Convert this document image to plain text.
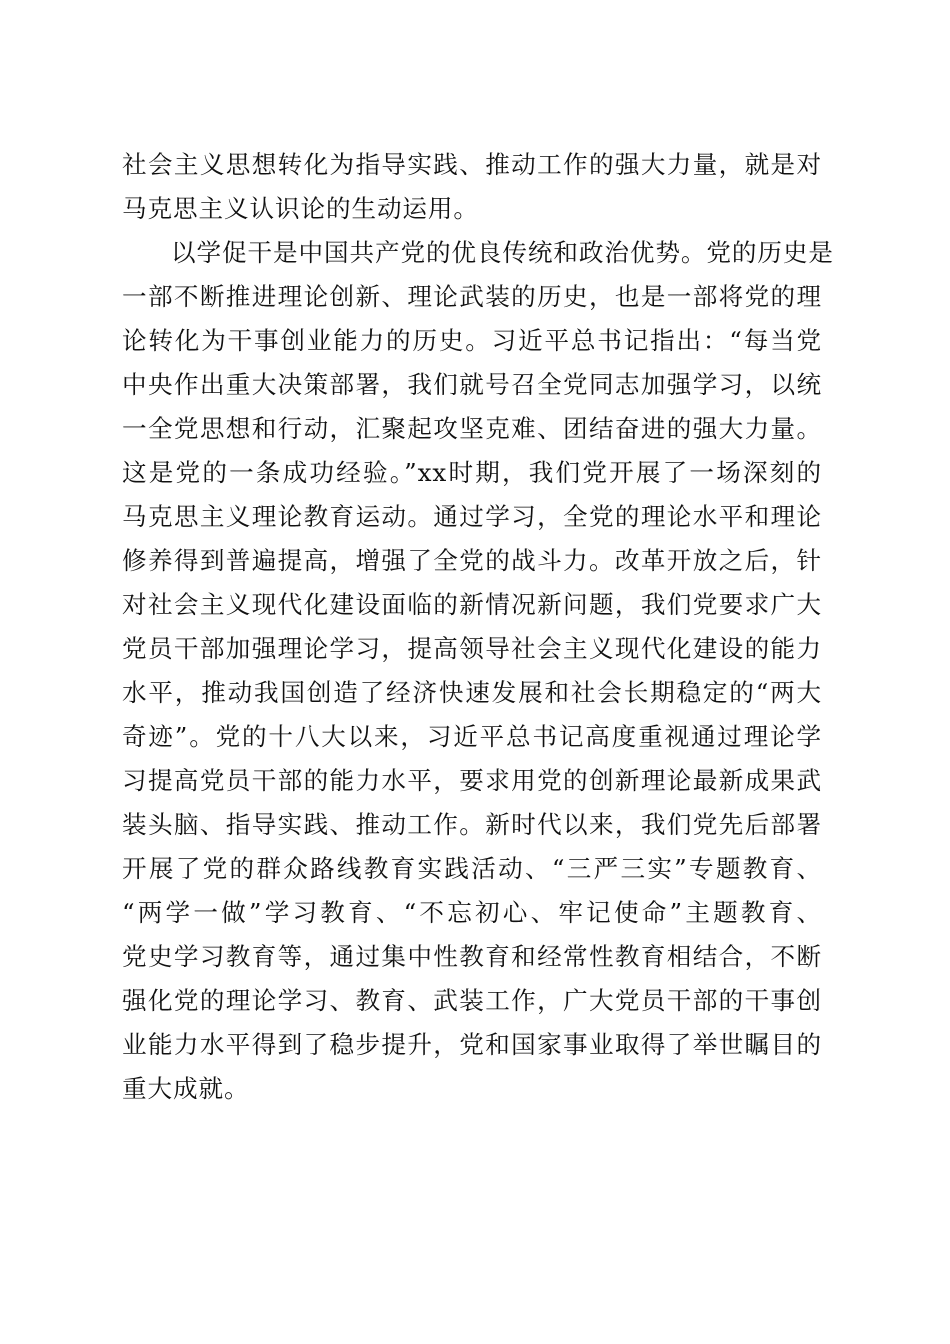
社会主义思想转化为指导实践、推动工作的强大力量，就是对
马克思主义认识论的生动运用。
以学促干是中国共产党的优良传统和政治优势。党的历史是
一部不断推进理论创新、理论武装的历史，也是一部将党的理
论转化为干事创业能力的历史。习近平总书记指出：“每当党
中央作出重大决策部署，我们就号召全党同志加强学习，以统
一全党思想和行动，汇聚起攻坚克难、团结奋进的强大力量。
这是党的一条成功经验。”xx时期，我们党开展了一场深刻的
马克思主义理论教育运动。通过学习，全党的理论水平和理论
修养得到普遍提高，增强了全党的战斗力。改革开放之后，针
对社会主义现代化建设面临的新情况新问题，我们党要求广大
党员干部加强理论学习，提高领导社会主义现代化建设的能力
水平，推动我国创造了经济快速发展和社会长期稳定的“两大
奇迹”。党的十八大以来，习近平总书记高度重视通过理论学
习提高党员干部的能力水平，要求用党的创新理论最新成果武
装头脑、指导实践、推动工作。新时代以来，我们党先后部署
开展了党的群众路线教育实践活动、“三严三实”专题教育、
“两学一做”学习教育、“不忘初心、牢记使命”主题教育、
党史学习教育等，通过集中性教育和经常性教育相结合，不断
强化党的理论学习、教育、武装工作，广大党员干部的干事创
业能力水平得到了稳步提升，党和国家事业取得了举世瞩目的
重大成就。
